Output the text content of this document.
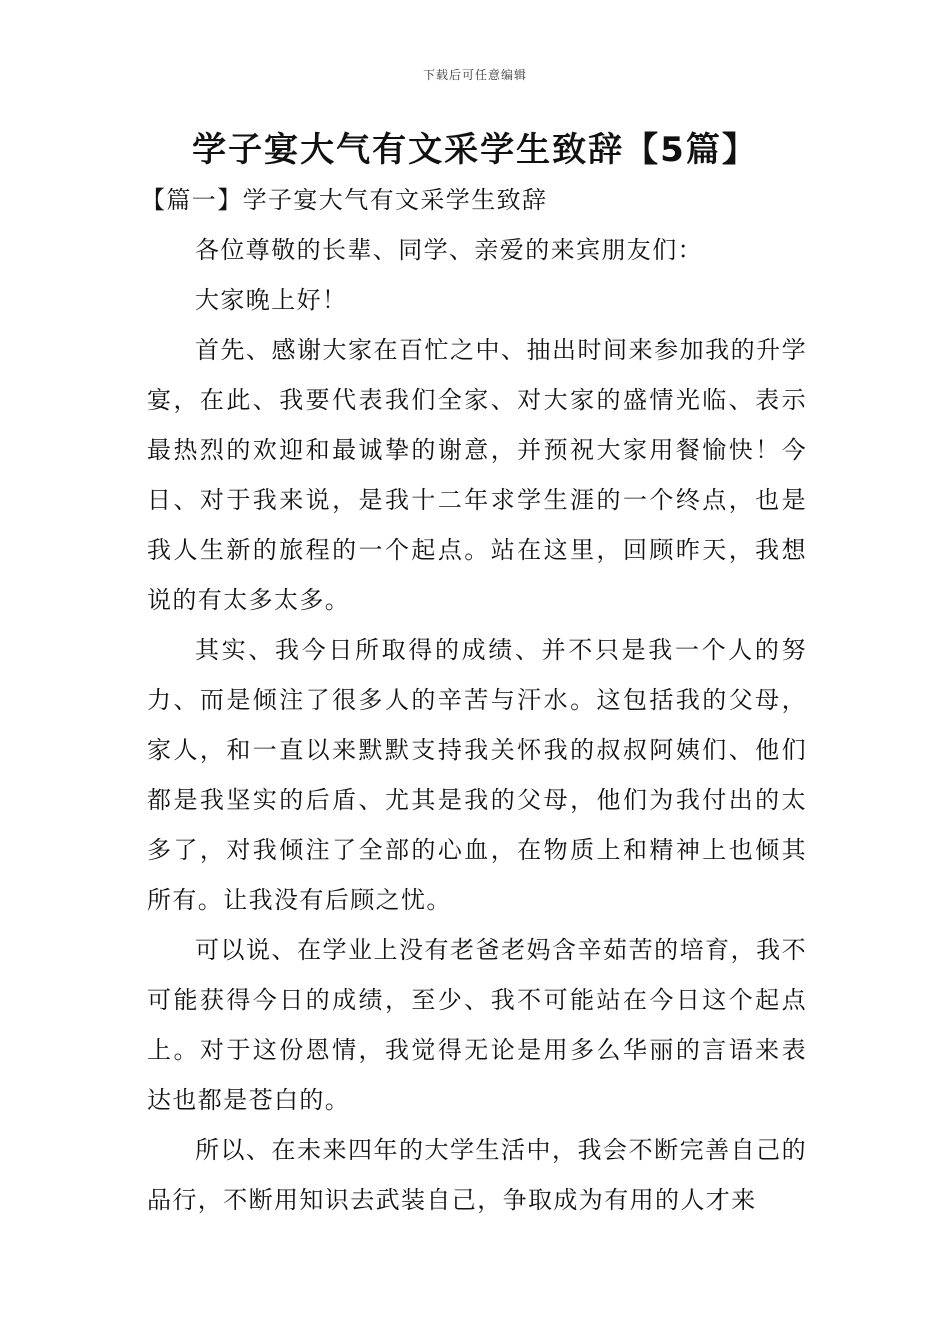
下载后可任意编辑
学子宴大气有文采学生致辞【5篇】
【篇一】学子宴大气有文采学生致辞

各位尊敬的长辈、同学、亲爱的来宾朋友们：

大家晚上好！

首先、感谢大家在百忙之中、抽出时间来参加我的升学宴，在此、我要代表我们全家、对大家的盛情光临、表示最热烈的欢迎和最诚挚的谢意，并预祝大家用餐愉快！今日、对于我来说，是我十二年求学生涯的一个终点，也是我人生新的旅程的一个起点。站在这里，回顾昨天，我想说的有太多太多。

其实、我今日所取得的成绩、并不只是我一个人的努力、而是倾注了很多人的辛苦与汗水。这包括我的父母，家人，和一直以来默默支持我关怀我的叔叔阿姨们、他们都是我坚实的后盾、尤其是我的父母，他们为我付出的太多了，对我倾注了全部的心血，在物质上和精神上也倾其所有。让我没有后顾之忧。

可以说、在学业上没有老爸老妈含辛茹苦的培育，我不可能获得今日的成绩，至少、我不可能站在今日这个起点上。对于这份恩情，我觉得无论是用多么华丽的言语来表达也都是苍白的。

所以、在未来四年的大学生活中，我会不断完善自己的品行，不断用知识去武装自己，争取成为有用的人才来
